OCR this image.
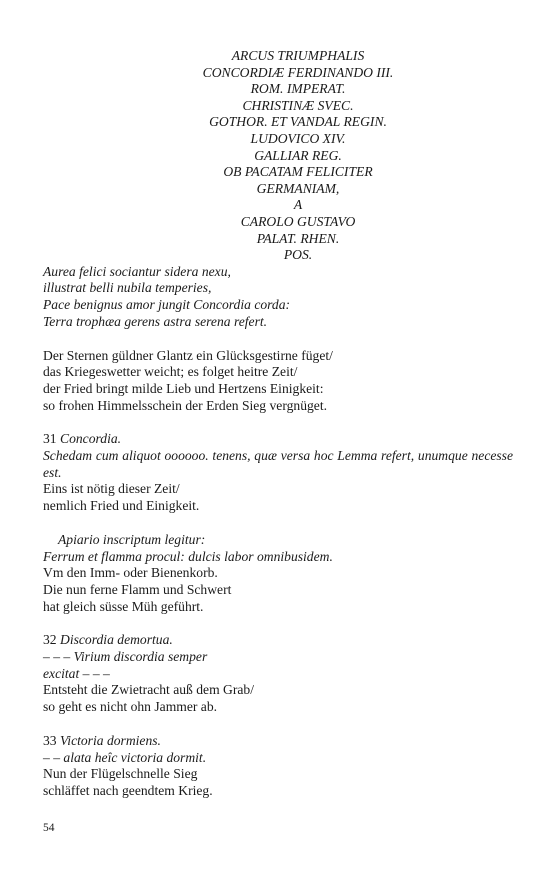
ARCUS TRIUMPHALIS
CONCORDIÆ FERDINANDO III.
ROM. IMPERAT.
CHRISTINÆ SVEC.
GOTHOR. ET VANDAL REGIN.
LUDOVICO XIV.
GALLIAR REG.
OB PACATAM FELICITER
GERMANIAM,
A
CAROLO GUSTAVO
PALAT. RHEN.
POS.
Aurea felici sociantur sidera nexu,
illustrat belli nubila temperies,
Pace benignus amor jungit Concordia corda:
Terra trophæa gerens astra serena refert.
Der Sternen güldner Glantz ein Glücksgestirne füget/
das Kriegeswetter weicht; es folget heitre Zeit/
der Fried bringt milde Lieb und Hertzens Einigkeit:
so frohen Himmelsschein der Erden Sieg vergnüget.
31 Concordia.
Schedam cum aliquot oooooo. tenens, quæ versa hoc Lemma refert, unumque necesse est.
Eins ist nötig dieser Zeit/
nemlich Fried und Einigkeit.
Apiario inscriptum legitur:
Ferrum et flamma procul: dulcis labor omnibusidem.
Vm den Imm- oder Bienenkorb.
Die nun ferne Flamm und Schwert
hat gleich süsse Müh geführt.
32 Discordia demortua.
– – – Virium discordia semper
excitat – – –
Entsteht die Zwietracht auß dem Grab/
so geht es nicht ohn Jammer ab.
33 Victoria dormiens.
– – alata heîc victoria dormit.
Nun der Flügelschnelle Sieg
schläffet nach geendtem Krieg.
54
